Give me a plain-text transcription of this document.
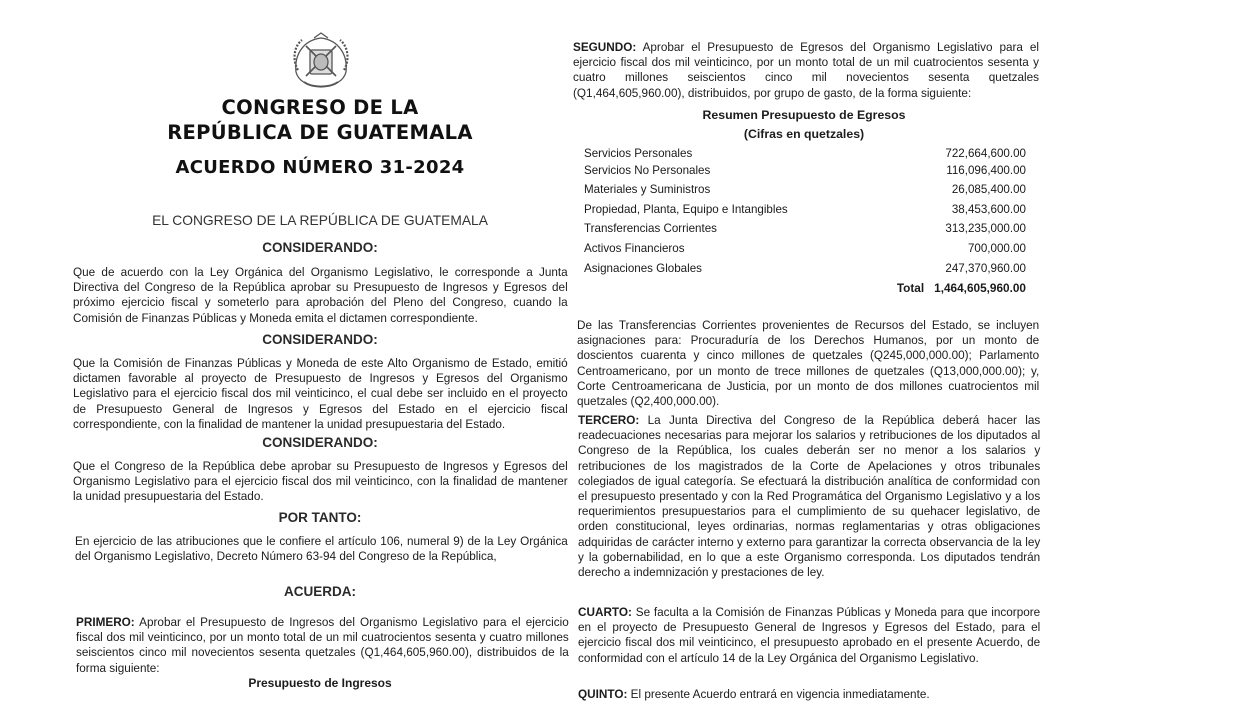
CONGRESO DE LA
REPÚBLICA DE GUATEMALA
ACUERDO NÚMERO 31-2024
EL CONGRESO DE LA REPÚBLICA DE GUATEMALA
CONSIDERANDO:
Que de acuerdo con la Ley Orgánica del Organismo Legislativo, le corresponde a Junta Directiva del Congreso de la República aprobar su Presupuesto de Ingresos y Egresos del próximo ejercicio fiscal y someterlo para aprobación del Pleno del Congreso, cuando la Comisión de Finanzas Públicas y Moneda emita el dictamen correspondiente.
CONSIDERANDO:
Que la Comisión de Finanzas Públicas y Moneda de este Alto Organismo de Estado, emitió dictamen favorable al proyecto de Presupuesto de Ingresos y Egresos del Organismo Legislativo para el ejercicio fiscal dos mil veinticinco, el cual debe ser incluido en el proyecto de Presupuesto General de Ingresos y Egresos del Estado en el ejercicio fiscal correspondiente, con la finalidad de mantener la unidad presupuestaria del Estado.
CONSIDERANDO:
Que el Congreso de la República debe aprobar su Presupuesto de Ingresos y Egresos del Organismo Legislativo para el ejercicio fiscal dos mil veinticinco, con la finalidad de mantener la unidad presupuestaria del Estado.
POR TANTO:
En ejercicio de las atribuciones que le confiere el artículo 106, numeral 9) de la Ley Orgánica del Organismo Legislativo, Decreto Número 63-94 del Congreso de la República,
ACUERDA:
PRIMERO: Aprobar el Presupuesto de Ingresos del Organismo Legislativo para el ejercicio fiscal dos mil veinticinco, por un monto total de un mil cuatrocientos sesenta y cuatro millones seiscientos cinco mil novecientos sesenta quetzales (Q1,464,605,960.00), distribuidos de la forma siguiente:
Presupuesto de Ingresos
SEGUNDO: Aprobar el Presupuesto de Egresos del Organismo Legislativo para el ejercicio fiscal dos mil veinticinco, por un monto total de un mil cuatrocientos sesenta y cuatro millones seiscientos cinco mil novecientos sesenta quetzales (Q1,464,605,960.00), distribuidos, por grupo de gasto, de la forma siguiente:
Resumen Presupuesto de Egresos
(Cifras en quetzales)
Servicios Personales	722,664,600.00
Servicios No Personales	116,096,400.00
Materiales y Suministros	26,085,400.00
Propiedad, Planta, Equipo e Intangibles	38,453,600.00
Transferencias Corrientes	313,235,000.00
Activos Financieros	700,000.00
Asignaciones Globales	247,370,960.00
Total 1,464,605,960.00
De las Transferencias Corrientes provenientes de Recursos del Estado, se incluyen asignaciones para: Procuraduría de los Derechos Humanos, por un monto de doscientos cuarenta y cinco millones de quetzales (Q245,000,000.00); Parlamento Centroamericano, por un monto de trece millones de quetzales (Q13,000,000.00); y, Corte Centroamericana de Justicia, por un monto de dos millones cuatrocientos mil quetzales (Q2,400,000.00).
TERCERO: La Junta Directiva del Congreso de la República deberá hacer las readecuaciones necesarias para mejorar los salarios y retribuciones de los diputados al Congreso de la República, los cuales deberán ser no menor a los salarios y retribuciones de los magistrados de la Corte de Apelaciones y otros tribunales colegiados de igual categoría. Se efectuará la distribución analítica de conformidad con el presupuesto presentado y con la Red Programática del Organismo Legislativo y a los requerimientos presupuestarios para el cumplimiento de su quehacer legislativo, de orden constitucional, leyes ordinarias, normas reglamentarias y otras obligaciones adquiridas de carácter interno y externo para garantizar la correcta observancia de la ley y la gobernabilidad, en lo que a este Organismo corresponda. Los diputados tendrán derecho a indemnización y prestaciones de ley.
CUARTO: Se faculta a la Comisión de Finanzas Públicas y Moneda para que incorpore en el proyecto de Presupuesto General de Ingresos y Egresos del Estado, para el ejercicio fiscal dos mil veinticinco, el presupuesto aprobado en el presente Acuerdo, de conformidad con el artículo 14 de la Ley Orgánica del Organismo Legislativo.
QUINTO: El presente Acuerdo entrará en vigencia inmediatamente.
